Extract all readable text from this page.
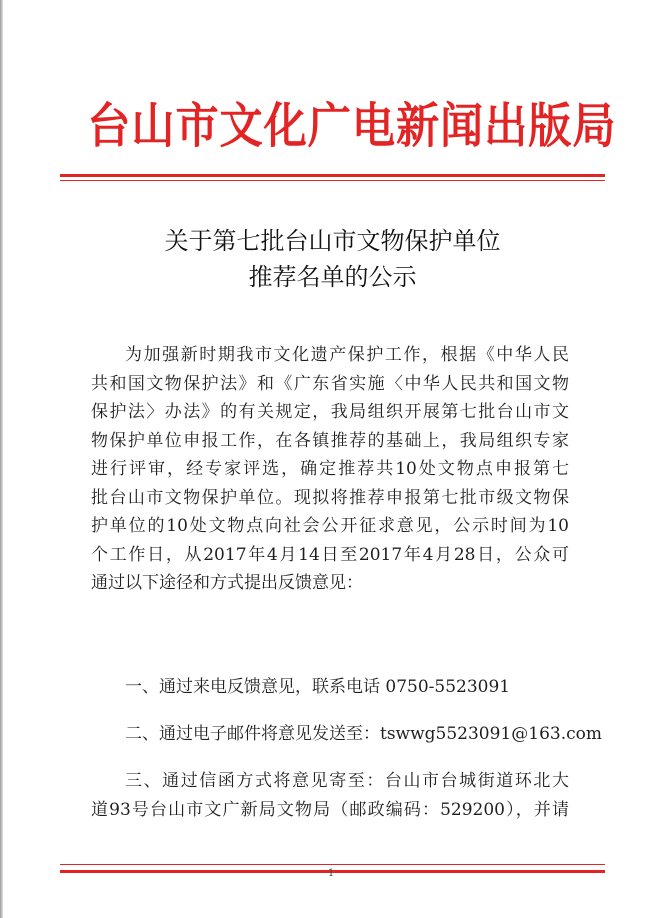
台山市文化广电新闻出版局
关于第七批台山市文物保护单位
推荐名单的公示
为加强新时期我市文化遗产保护工作，根据《中华人民
共和国文物保护法》和《广东省实施〈中华人民共和国文物
保护法〉办法》的有关规定，我局组织开展第七批台山市文
物保护单位申报工作，在各镇推荐的基础上，我局组织专家
进行评审，经专家评选，确定推荐共10处文物点申报第七
批台山市文物保护单位。现拟将推荐申报第七批市级文物保
护单位的10处文物点向社会公开征求意见，公示时间为10
个工作日，从2017年4月14日至2017年4月28日，公众可
通过以下途径和方式提出反馈意见：
一、通过来电反馈意见，联系电话 0750-5523091
二、通过电子邮件将意见发送至：tswwg5523091@163.com
三、通过信函方式将意见寄至：台山市台城街道环北大
道93号台山市文广新局文物局（邮政编码：529200），并请
1
